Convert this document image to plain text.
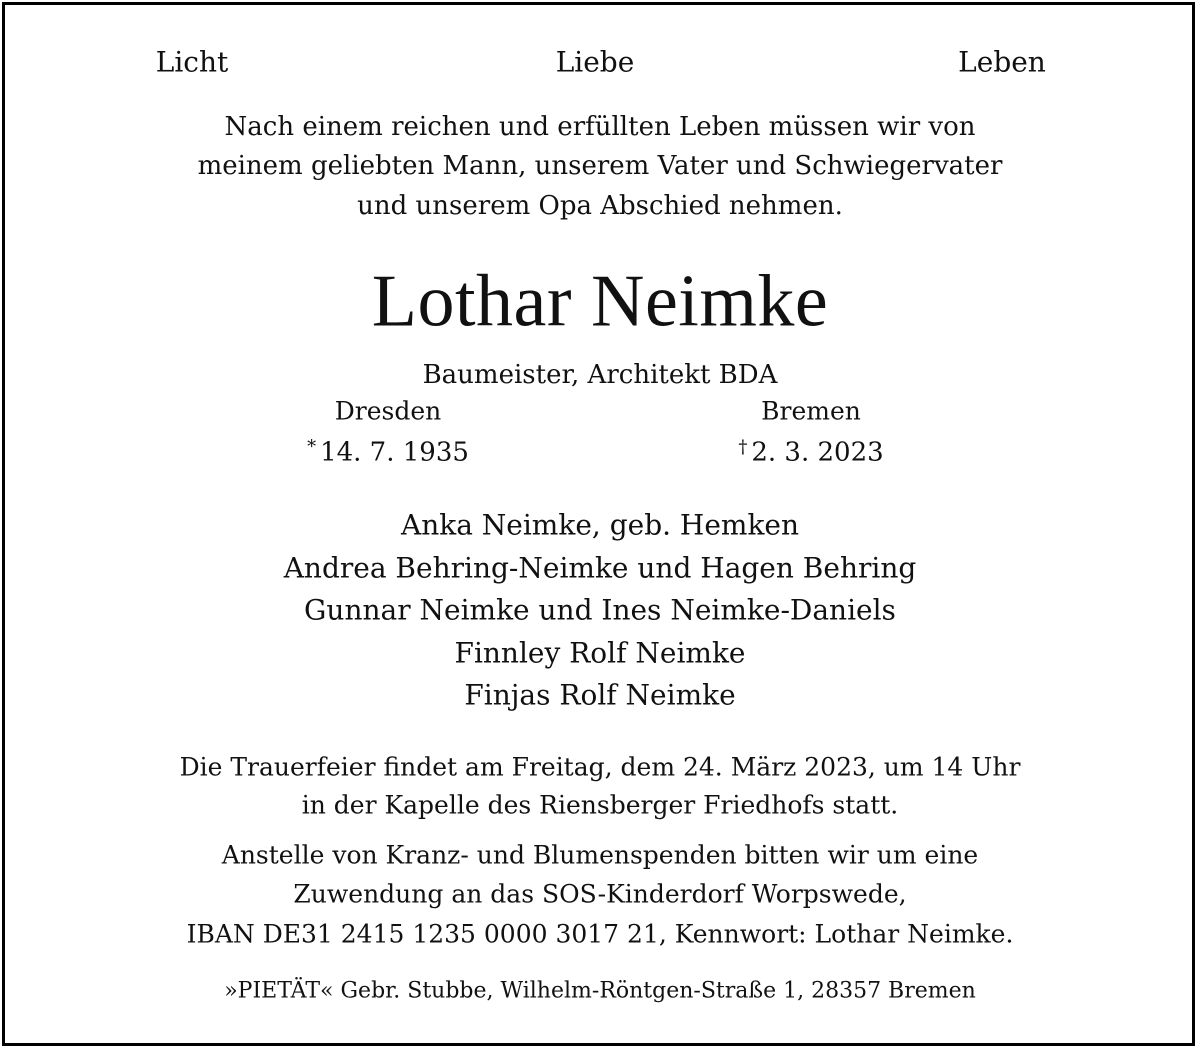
Licht	Liebe	Leben
Nach einem reichen und erfüllten Leben müssen wir von
meinem geliebten Mann, unserem Vater und Schwiegervater
und unserem Opa Abschied nehmen.
Lothar Neimke
Baumeister, Architekt BDA
Dresden	Bremen
* 14. 7. 1935	† 2. 3. 2023
Anka Neimke, geb. Hemken
Andrea Behring-Neimke und Hagen Behring
Gunnar Neimke und Ines Neimke-Daniels
Finnley Rolf Neimke
Finjas Rolf Neimke
Die Trauerfeier findet am Freitag, dem 24. März 2023, um 14 Uhr
in der Kapelle des Riensberger Friedhofs statt.
Anstelle von Kranz- und Blumenspenden bitten wir um eine
Zuwendung an das SOS-Kinderdorf Worpswede,
IBAN DE31 2415 1235 0000 3017 21, Kennwort: Lothar Neimke.
»PIETÄT« Gebr. Stubbe, Wilhelm-Röntgen-Straße 1, 28357 Bremen
